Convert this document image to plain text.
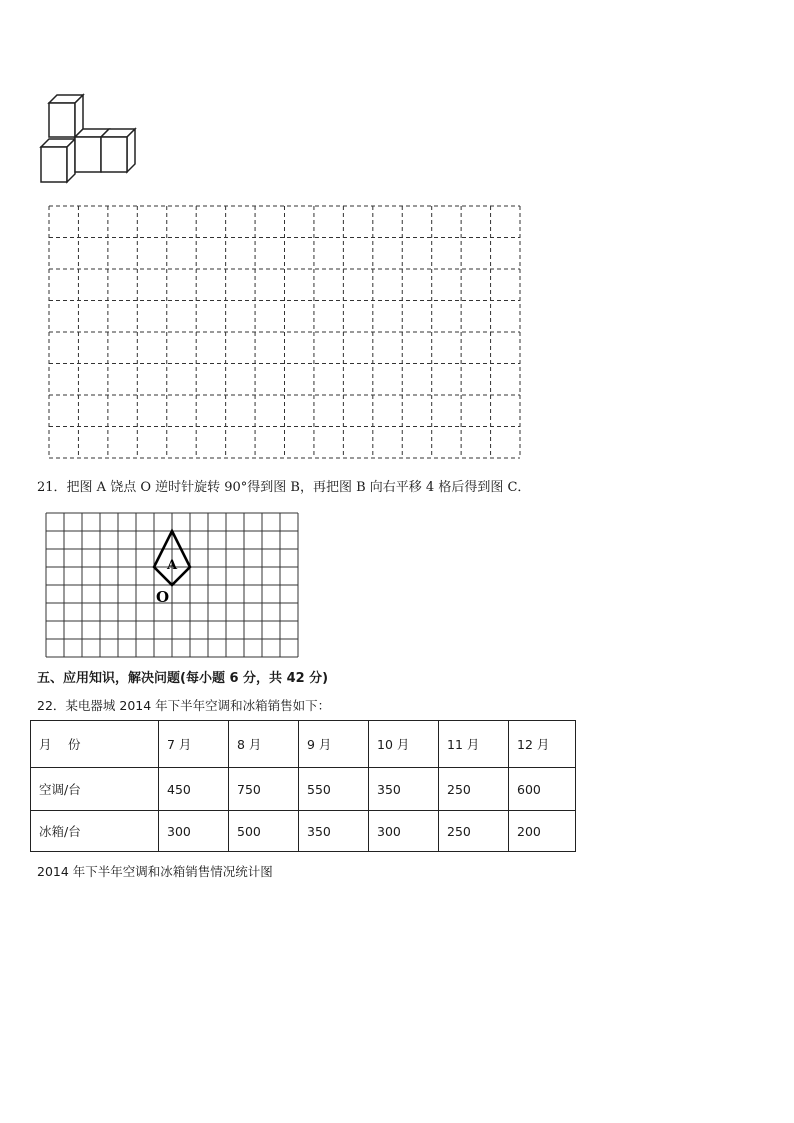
21．把图 A 饶点 O 逆时针旋转 90°得到图 B，再把图 B 向右平移 4 格后得到图 C．
A
O
五、应用知识，解决问题(每小题 6 分，共 42 分)
22．某电器城 2014 年下半年空调和冰箱销售如下：
月　 份	7 月	8 月	9 月	10 月	11 月	12 月
空调/台	450	750	550	350	250	600
冰箱/台	300	500	350	300	250	200
2014 年下半年空调和冰箱销售情况统计图
